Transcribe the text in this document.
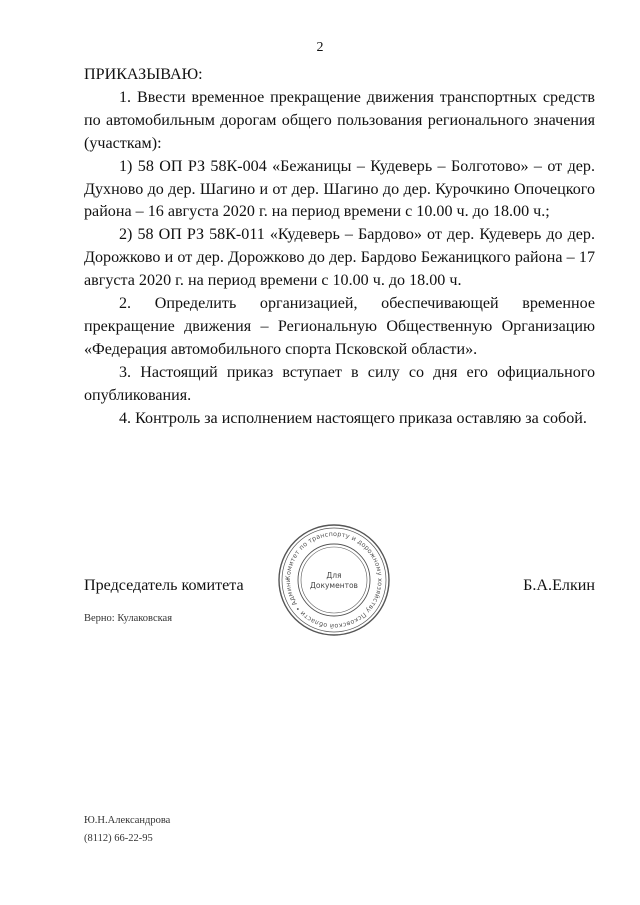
2

ПРИКАЗЫВАЮ:

1. Ввести временное прекращение движения транспортных средств по автомобильным дорогам общего пользования регионального значения (участкам):

1) 58 ОП РЗ 58К-004 «Бежаницы – Кудеверь – Болготово» – от дер. Духново до дер. Шагино и от дер. Шагино до дер. Курочкино Опочецкого района – 16 августа 2020 г. на период времени с 10.00 ч. до 18.00 ч.;

2) 58 ОП РЗ 58К-011 «Кудеверь – Бардово» от дер. Кудеверь до дер. Дорожково и от дер. Дорожково до дер. Бардово Бежаницкого района – 17 августа 2020 г. на период времени с 10.00 ч. до 18.00 ч.

2. Определить организацией, обеспечивающей временное прекращение движения – Региональную Общественную Организацию «Федерация автомобильного спорта Псковской области».

3. Настоящий приказ вступает в силу со дня его официального опубликования.

4. Контроль за исполнением настоящего приказа оставляю за собой.

Комитет по транспорту и дорожному хозяйству Псковской области • Админи
Для
Документов
Председатель комитета	Б.А.Елкин
Верно: Кулаковская
Ю.Н.Александрова
(8112) 66-22-95
